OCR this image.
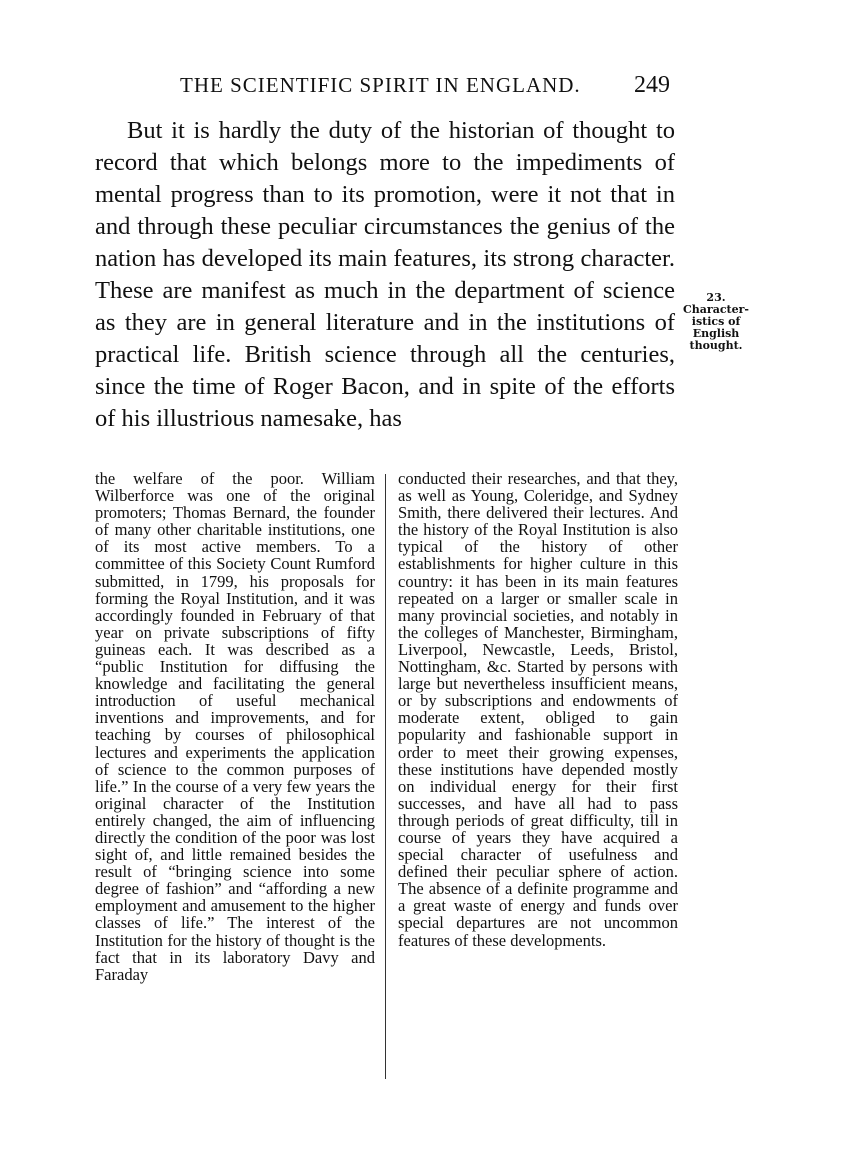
THE SCIENTIFIC SPIRIT IN ENGLAND. 249

But it is hardly the duty of the historian of thought to record that which belongs more to the impediments of mental progress than to its promotion, were it not that in and through these peculiar circumstances the genius of the nation has developed its main features, its strong character. These are manifest as much in the department of science as they are in general literature and in the institutions of practical life. British science through all the centuries, since the time of Roger Bacon, and in spite of the efforts of his illustrious namesake, has

23.
Character-
istics of
English
thought.

the welfare of the poor. William Wilberforce was one of the original promoters; Thomas Bernard, the founder of many other charitable institutions, one of its most active members. To a committee of this Society Count Rumford submitted, in 1799, his proposals for forming the Royal Institution, and it was accordingly founded in February of that year on private subscriptions of fifty guineas each. It was described as a “public Institution for diffusing the knowledge and facilitating the general introduction of useful mechanical inventions and improvements, and for teaching by courses of philosophical lectures and experiments the application of science to the common purposes of life.” In the course of a very few years the original character of the Institution entirely changed, the aim of influencing directly the condition of the poor was lost sight of, and little remained besides the result of “bringing science into some degree of fashion” and “affording a new employment and amusement to the higher classes of life.” The interest of the Institution for the history of thought is the fact that in its laboratory Davy and Faraday

conducted their researches, and that they, as well as Young, Coleridge, and Sydney Smith, there delivered their lectures. And the history of the Royal Institution is also typical of the history of other establishments for higher culture in this country: it has been in its main features repeated on a larger or smaller scale in many provincial societies, and notably in the colleges of Manchester, Birmingham, Liverpool, Newcastle, Leeds, Bristol, Nottingham, &c. Started by persons with large but nevertheless insufficient means, or by subscriptions and endowments of moderate extent, obliged to gain popularity and fashionable support in order to meet their growing expenses, these institutions have depended mostly on individual energy for their first successes, and have all had to pass through periods of great difficulty, till in course of years they have acquired a special character of usefulness and defined their peculiar sphere of action. The absence of a definite programme and a great waste of energy and funds over special departures are not uncommon features of these developments.
